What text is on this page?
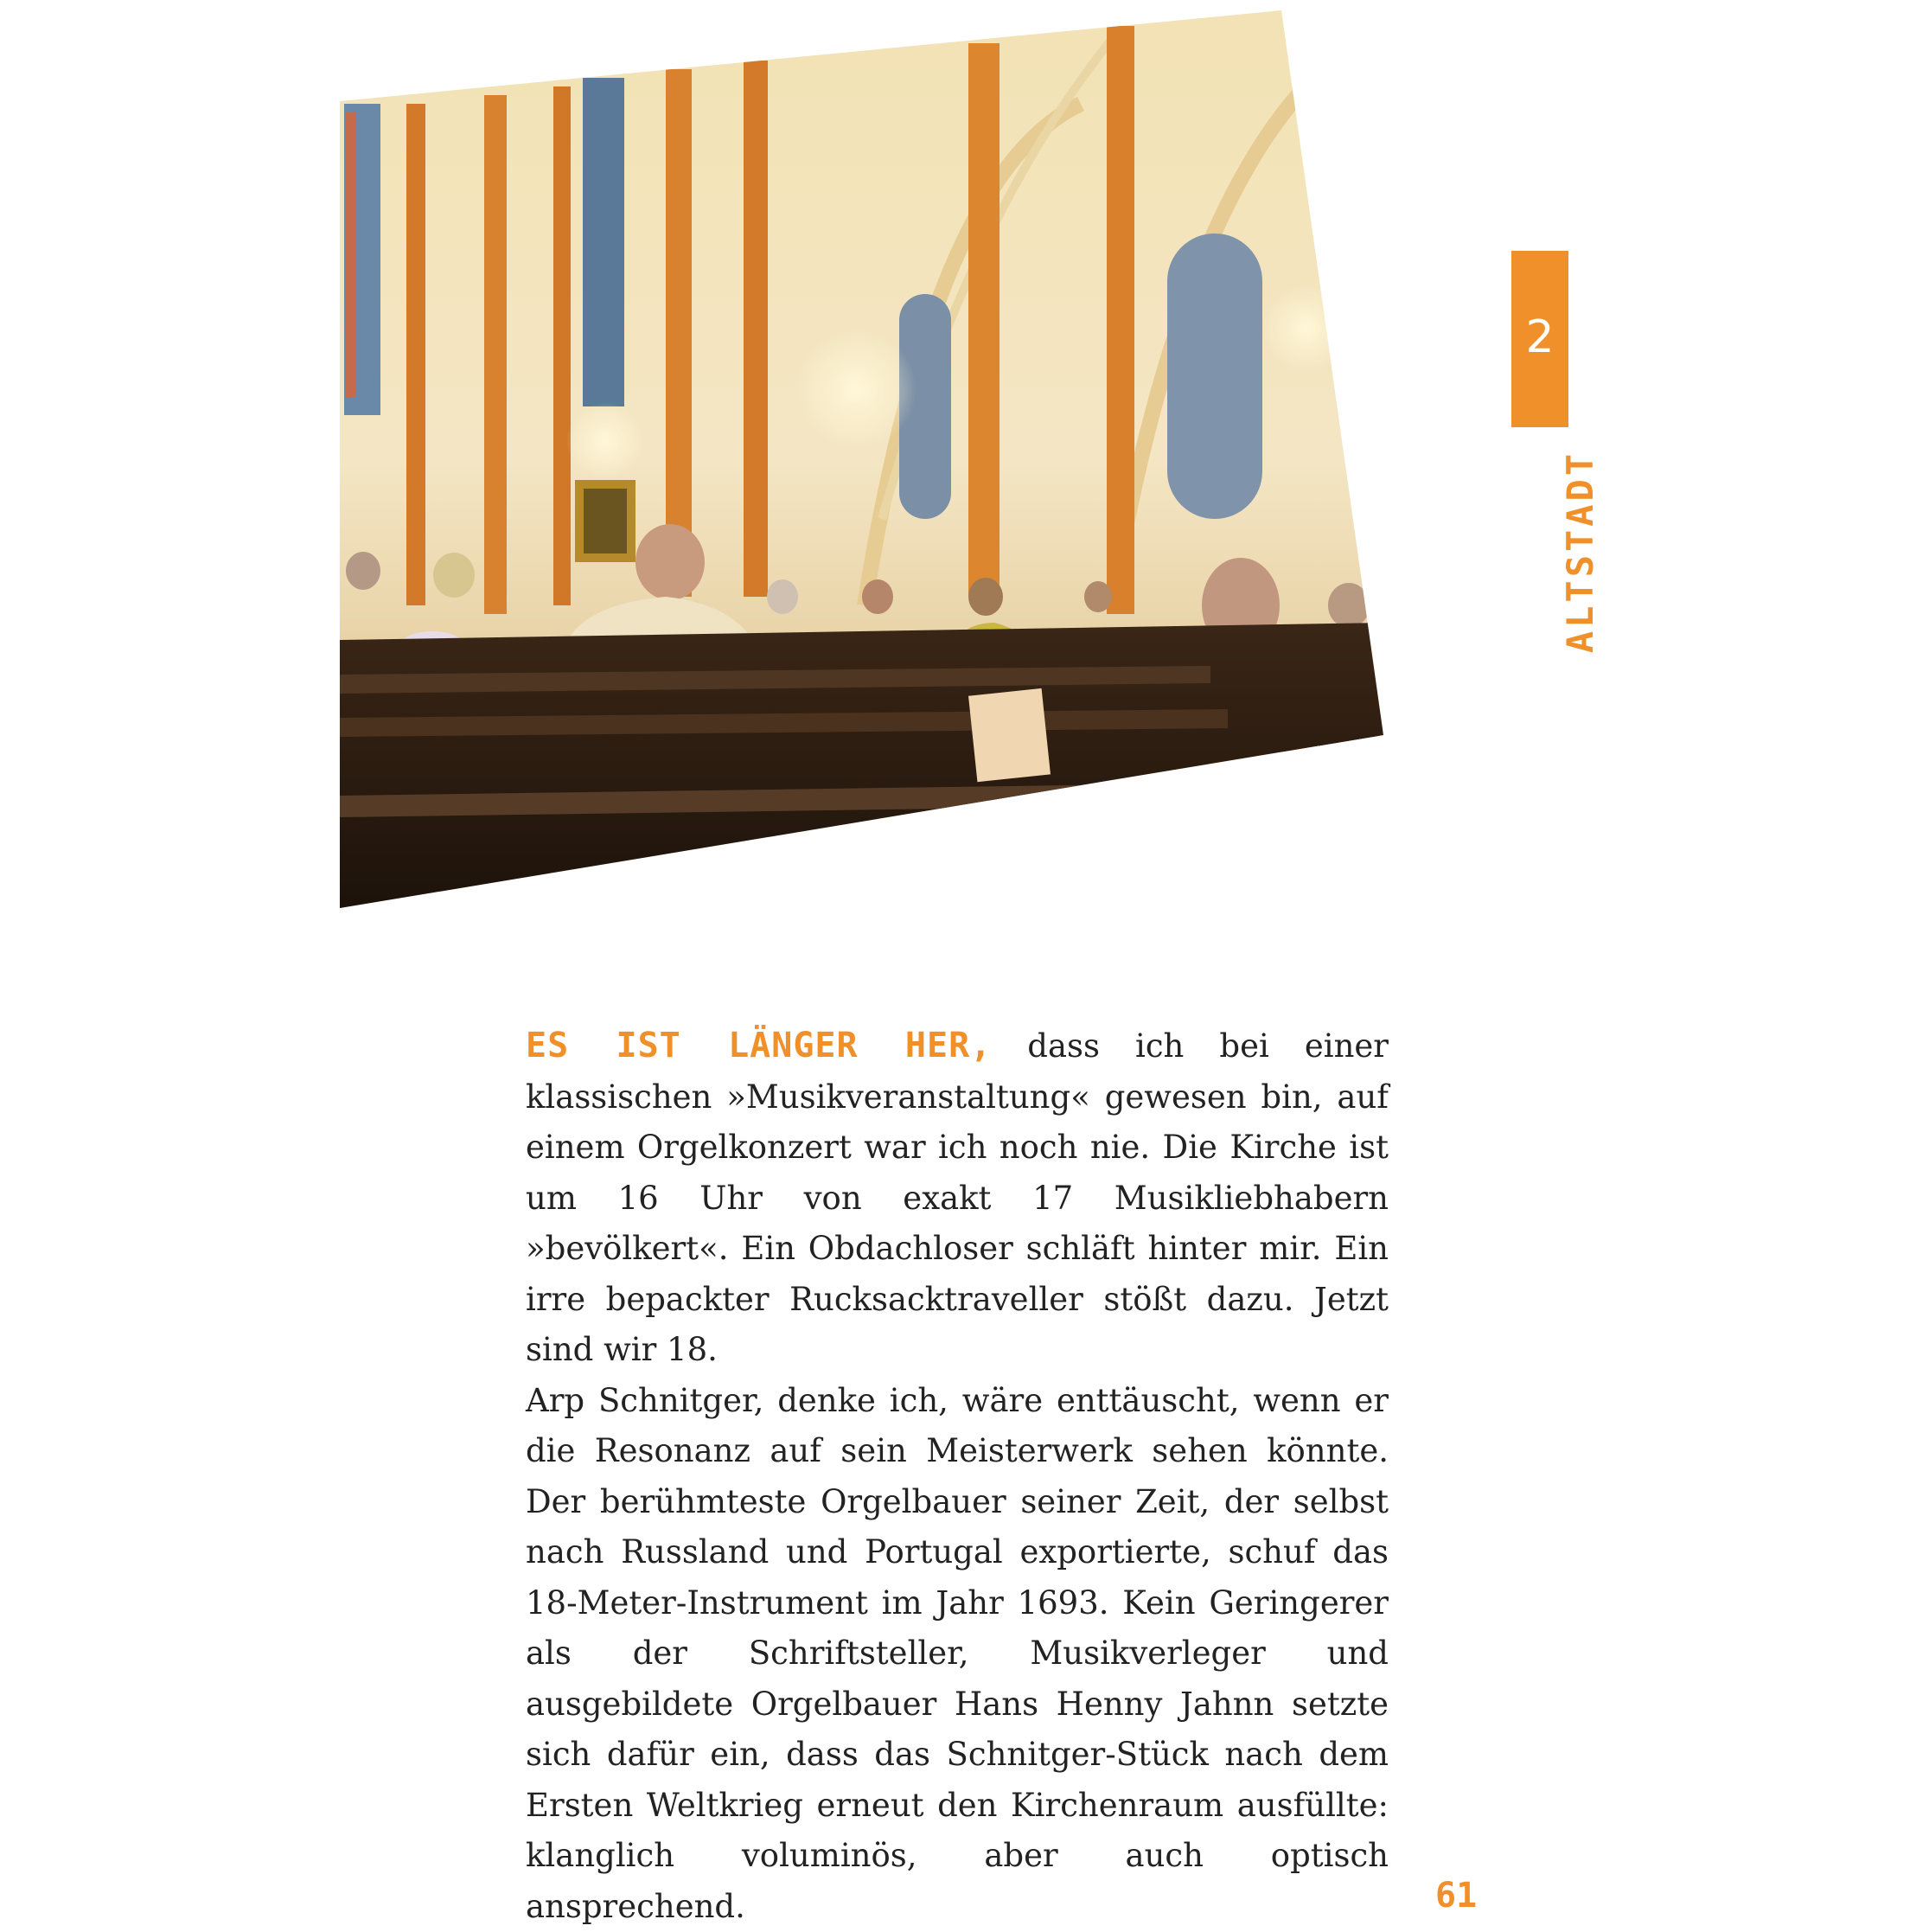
2
ALTSTADT

ES IST LÄNGER HER, dass ich bei einer klassischen »Musikveranstaltung« gewesen bin, auf einem Orgelkonzert war ich noch nie. Die Kirche ist um 16 Uhr von exakt 17 Musikliebhabern »bevölkert«. Ein Obdachloser schläft hinter mir. Ein irre bepackter Rucksacktraveller stößt dazu. Jetzt sind wir 18.
Arp Schnitger, denke ich, wäre enttäuscht, wenn er die Resonanz auf sein Meisterwerk sehen könnte. Der berühmteste Orgelbauer seiner Zeit, der selbst nach Russland und Portugal exportierte, schuf das 18-Meter-Instrument im Jahr 1693. Kein Geringerer als der Schriftsteller, Musikverleger und ausgebildete Orgelbauer Hans Henny Jahnn setzte sich dafür ein, dass das Schnitger-Stück nach dem Ersten Weltkrieg erneut den Kirchenraum ausfüllte: klanglich voluminös, aber auch optisch ansprechend.	61
